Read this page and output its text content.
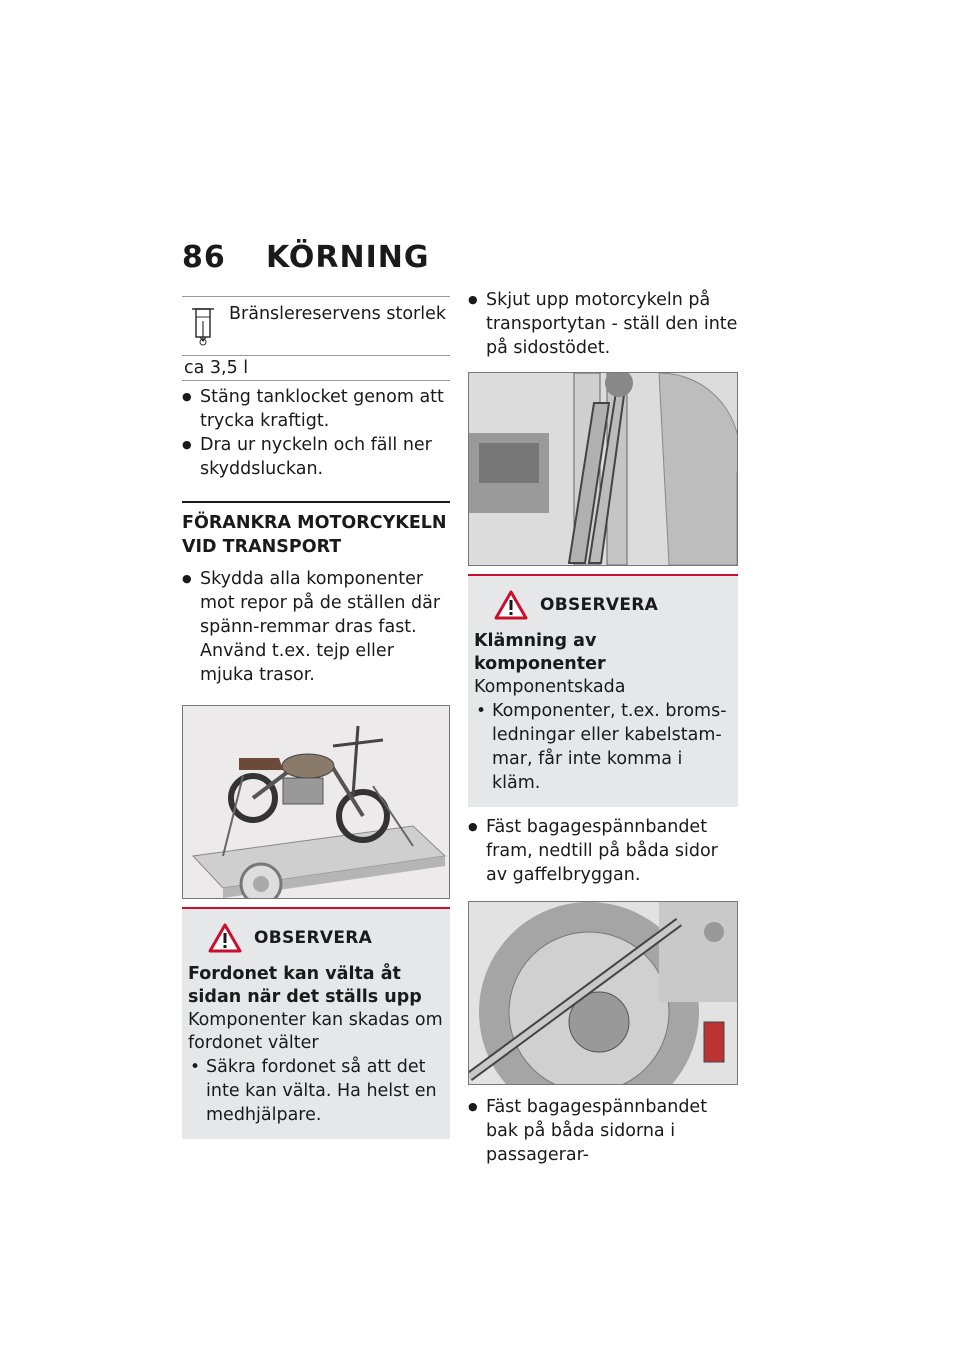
86 KÖRNING
Bränslereservens storlek
ca 3,5 l
● Stäng tanklocket genom att trycka kraftigt.
● Dra ur nyckeln och fäll ner skyddsluckan.
FÖRANKRA MOTORCYKELN VID TRANSPORT
● Skydda alla komponenter mot repor på de ställen där spänn-remmar dras fast. Använd t.ex. tejp eller mjuka trasor.
OBSERVERA
Fordonet kan välta åt sidan när det ställs upp
Komponenter kan skadas om fordonet välter
• Säkra fordonet så att det inte kan välta. Ha helst en medhjälpare.
● Skjut upp motorcykeln på transportytan - ställ den inte på sidostödet.
OBSERVERA
Klämning av komponenter
Komponentskada
• Komponenter, t.ex. broms-ledningar eller kabelstam-mar, får inte komma i kläm.
● Fäst bagagespännbandet fram, nedtill på båda sidor av gaffelbryggan.
● Fäst bagagespännbandet bak på båda sidorna i passagerar-
